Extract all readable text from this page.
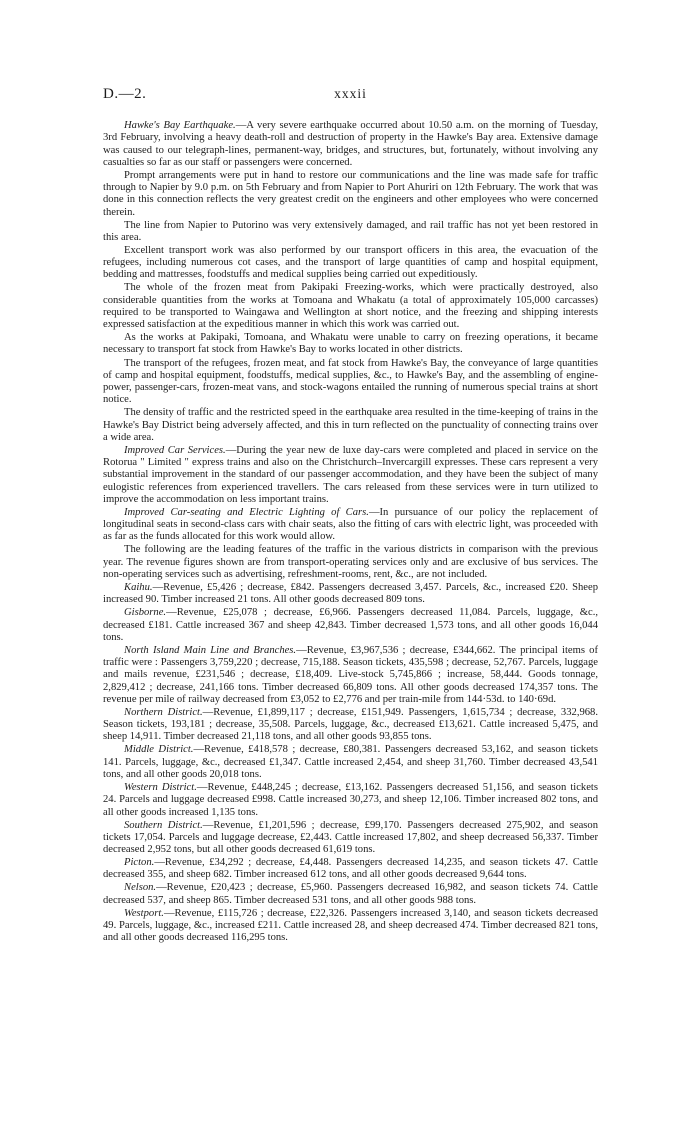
D.—2.	xxxii

Hawke's Bay Earthquake.—A very severe earthquake occurred about 10.50 a.m. on the morning of Tuesday, 3rd February, involving a heavy death-roll and destruction of property in the Hawke's Bay area. Extensive damage was caused to our telegraph-lines, permanent-way, bridges, and structures, but, fortunately, without involving any casualties so far as our staff or passengers were concerned.

Prompt arrangements were put in hand to restore our communications and the line was made safe for traffic through to Napier by 9.0 p.m. on 5th February and from Napier to Port Ahuriri on 12th February. The work that was done in this connection reflects the very greatest credit on the engineers and other employees who were concerned therein.

The line from Napier to Putorino was very extensively damaged, and rail traffic has not yet been restored in this area.

Excellent transport work was also performed by our transport officers in this area, the evacuation of the refugees, including numerous cot cases, and the transport of large quantities of camp and hospital equipment, bedding and mattresses, foodstuffs and medical supplies being carried out expeditiously.

The whole of the frozen meat from Pakipaki Freezing-works, which were practically destroyed, also considerable quantities from the works at Tomoana and Whakatu (a total of approximately 105,000 carcasses) required to be transported to Waingawa and Wellington at short notice, and the freezing and shipping interests expressed satisfaction at the expeditious manner in which this work was carried out.

As the works at Pakipaki, Tomoana, and Whakatu were unable to carry on freezing operations, it became necessary to transport fat stock from Hawke's Bay to works located in other districts.

The transport of the refugees, frozen meat, and fat stock from Hawke's Bay, the conveyance of large quantities of camp and hospital equipment, foodstuffs, medical supplies, &c., to Hawke's Bay, and the assembling of engine-power, passenger-cars, frozen-meat vans, and stock-wagons entailed the running of numerous special trains at short notice.

The density of traffic and the restricted speed in the earthquake area resulted in the time-keeping of trains in the Hawke's Bay District being adversely affected, and this in turn reflected on the punctuality of connecting trains over a wide area.

Improved Car Services.—During the year new de luxe day-cars were completed and placed in service on the Rotorua " Limited " express trains and also on the Christchurch–Invercargill expresses. These cars represent a very substantial improvement in the standard of our passenger accommodation, and they have been the subject of many eulogistic references from experienced travellers. The cars released from these services were in turn utilized to improve the accommodation on less important trains.

Improved Car-seating and Electric Lighting of Cars.—In pursuance of our policy the replacement of longitudinal seats in second-class cars with chair seats, also the fitting of cars with electric light, was proceeded with as far as the funds allocated for this work would allow.

The following are the leading features of the traffic in the various districts in comparison with the previous year. The revenue figures shown are from transport-operating services only and are exclusive of bus services. The non-operating services such as advertising, refreshment-rooms, rent, &c., are not included.

Kaihu.—Revenue, £5,426 ; decrease, £842. Passengers decreased 3,457. Parcels, &c., increased £20. Sheep increased 90. Timber increased 21 tons. All other goods decreased 809 tons.

Gisborne.—Revenue, £25,078 ; decrease, £6,966. Passengers decreased 11,084. Parcels, luggage, &c., decreased £181. Cattle increased 367 and sheep 42,843. Timber decreased 1,573 tons, and all other goods 16,044 tons.

North Island Main Line and Branches.—Revenue, £3,967,536 ; decrease, £344,662. The principal items of traffic were : Passengers 3,759,220 ; decrease, 715,188. Season tickets, 435,598 ; decrease, 52,767. Parcels, luggage and mails revenue, £231,546 ; decrease, £18,409. Live-stock 5,745,866 ; increase, 58,444. Goods tonnage, 2,829,412 ; decrease, 241,166 tons. Timber decreased 66,809 tons. All other goods decreased 174,357 tons. The revenue per mile of railway decreased from £3,052 to £2,776 and per train-mile from 144·53d. to 140·69d.

Northern District.—Revenue, £1,899,117 ; decrease, £151,949. Passengers, 1,615,734 ; decrease, 332,968. Season tickets, 193,181 ; decrease, 35,508. Parcels, luggage, &c., decreased £13,621. Cattle increased 5,475, and sheep 14,911. Timber decreased 21,118 tons, and all other goods 93,855 tons.

Middle District.—Revenue, £418,578 ; decrease, £80,381. Passengers decreased 53,162, and season tickets 141. Parcels, luggage, &c., decreased £1,347. Cattle increased 2,454, and sheep 31,760. Timber decreased 43,541 tons, and all other goods 20,018 tons.

Western District.—Revenue, £448,245 ; decrease, £13,162. Passengers decreased 51,156, and season tickets 24. Parcels and luggage decreased £998. Cattle increased 30,273, and sheep 12,106. Timber increased 802 tons, and all other goods increased 1,135 tons.

Southern District.—Revenue, £1,201,596 ; decrease, £99,170. Passengers decreased 275,902, and season tickets 17,054. Parcels and luggage decrease, £2,443. Cattle increased 17,802, and sheep decreased 56,337. Timber decreased 2,952 tons, but all other goods decreased 61,619 tons.

Picton.—Revenue, £34,292 ; decrease, £4,448. Passengers decreased 14,235, and season tickets 47. Cattle decreased 355, and sheep 682. Timber increased 612 tons, and all other goods decreased 9,644 tons.

Nelson.—Revenue, £20,423 ; decrease, £5,960. Passengers decreased 16,982, and season tickets 74. Cattle decreased 537, and sheep 865. Timber decreased 531 tons, and all other goods 988 tons.

Westport.—Revenue, £115,726 ; decrease, £22,326. Passengers increased 3,140, and season tickets decreased 49. Parcels, luggage, &c., increased £211. Cattle increased 28, and sheep decreased 474. Timber decreased 821 tons, and all other goods decreased 116,295 tons.
